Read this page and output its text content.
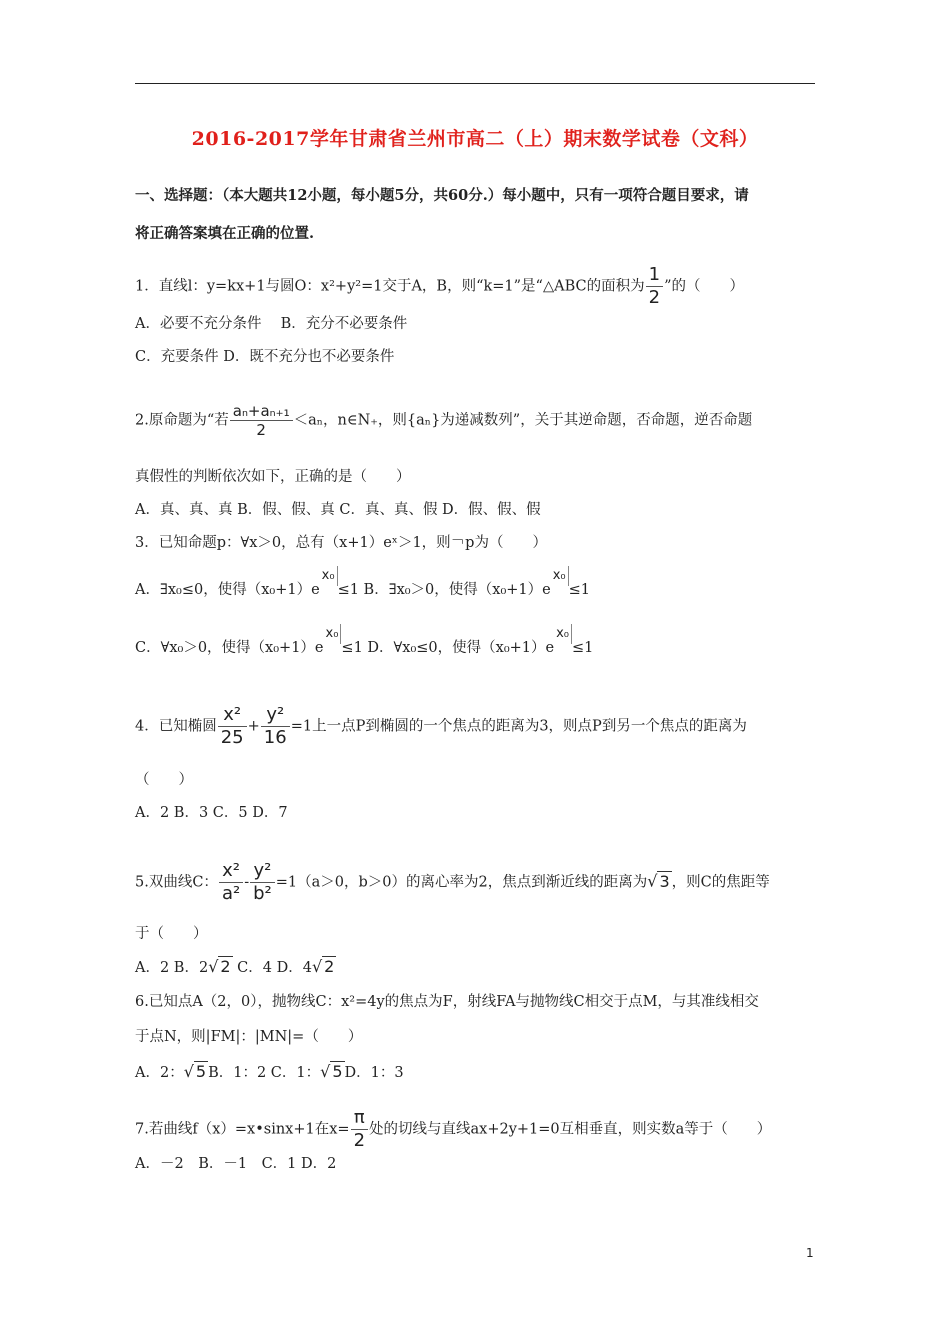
2016-2017学年甘肃省兰州市高二（上）期末数学试卷（文科）
一、选择题：（本大题共12小题，每小题5分，共60分.）每小题中，只有一项符合题目要求，请
将正确答案填在正确的位置.
1．直线l：y=kx+1与圆O：x²+y²=1交于A，B，则“k=1”是“△ABC的面积为 $\frac{1}{2}$ ”的（　　）
A．必要不充分条件　 B．充分不必要条件
C．充要条件 D．既不充分也不必要条件
2.原命题为“若 $\frac{\text{aₙ+aₙ₊₁}}{2} <a_n$，n∈N₊，则{aₙ}为递减数列”，关于其逆命题，否命题，逆否命题
真假性的判断依次如下，正确的是（　　）
A．真、真、真 B．假、假、真 C．真、真、假 D．假、假、假
3．已知命题p：∀x＞0，总有（x+1）eˣ＞1，则￢p为（　　）
A．∃x₀≤0，使得（x₀+1）ex₀≤1 B．∃x₀＞0，使得（x₀+1）ex₀≤1
C．∀x₀＞0，使得（x₀+1）ex₀≤1 D．∀x₀≤0，使得（x₀+1）ex₀≤1
4．已知椭圆 $\frac{\text{x²}}{25} + \frac{\text{y²}}{16} =1$上一点P到椭圆的一个焦点的距离为3，则点P到另一个焦点的距离为
（　　）
A．2 B．3 C．5 D．7
5.双曲线C： $\frac{\text{x²}}{\text{a²}} - \frac{\text{y²}}{\text{b²}} =1(a>0$，b＞0）的离心率为2，焦点到渐近线的距离为√ 3 ，则C的焦距等
于（　　）
A．2 B．2√ 2 C．4 D．4√ 2
6.已知点A（2，0），抛物线C：x²=4y的焦点为F，射线FA与抛物线C相交于点M，与其准线相交
于点N，则|FM|：|MN|=（　　）
A．2：√ 5 B．1：2 C．1：√ 5 D．1：3
7.若曲线f（x）=x•sinx+1在$x= \frac{\pi}{2}$ 处的切线与直线ax+2y+1=0互相垂直，则实数a等于（　　）
A．－2　B．－1　C．1 D．2
1
